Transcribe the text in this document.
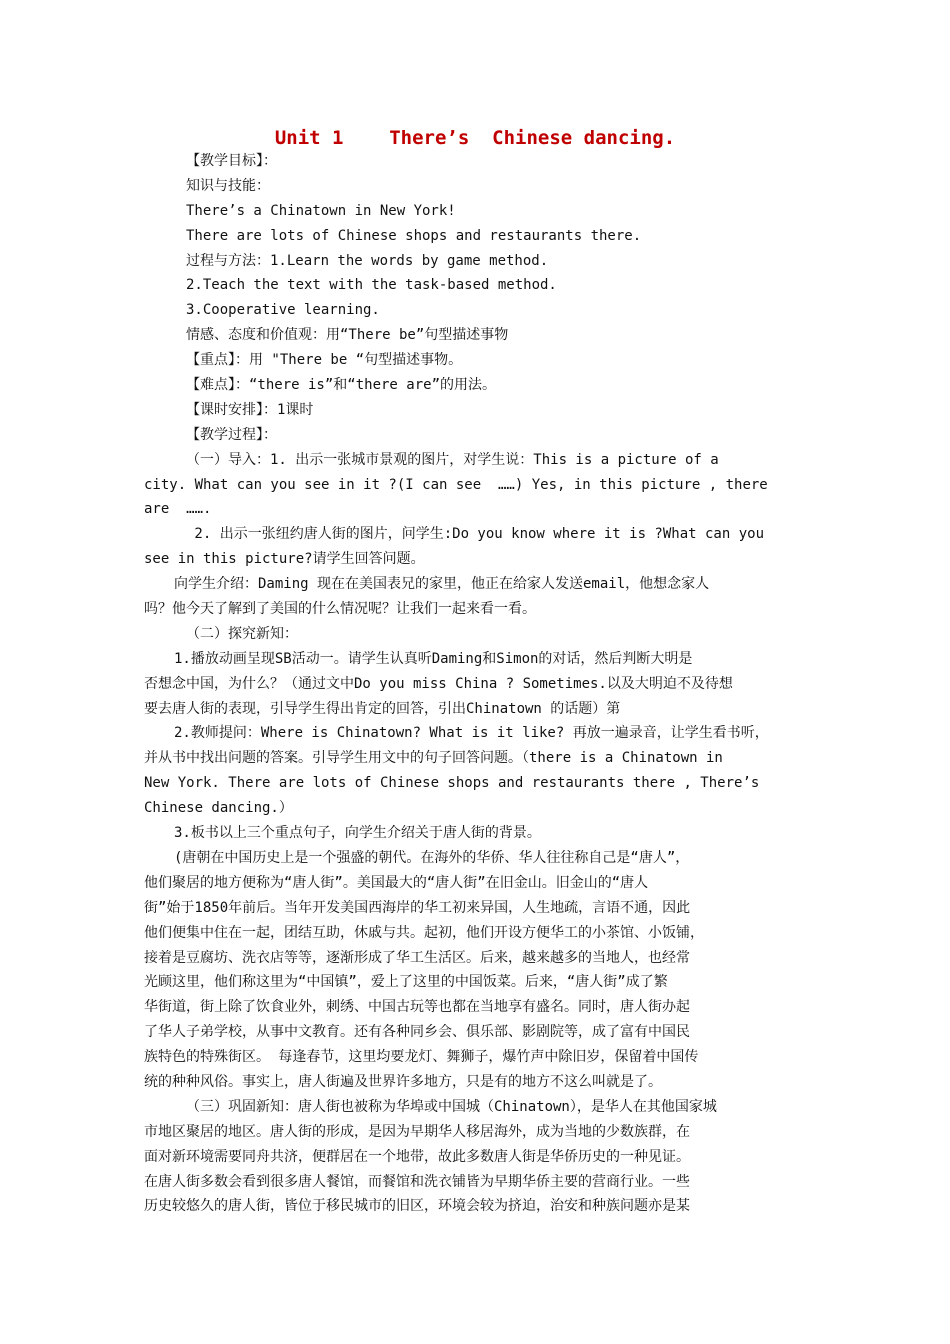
Unit 1    There’s  Chinese dancing.
【教学目标】：
知识与技能：
There’s a Chinatown in New York!
There are lots of Chinese shops and restaurants there.
过程与方法：1.Learn the words by game method.
2.Teach the text with the task-based method.
3.Cooperative learning.
情感、态度和价值观：用“There be”句型描述事物
【重点】：用 "There be “句型描述事物。
【难点】：“there is”和“there are”的用法。
【课时安排】：1课时
【教学过程】：
（一）导入：1. 出示一张城市景观的图片，对学生说：This is a picture of a
city. What can you see in it ?(I can see  ……) Yes, in this picture , there
are  …….
2. 出示一张纽约唐人街的图片，问学生:Do you know where it is ?What can you
see in this picture?请学生回答问题。
向学生介绍：Daming 现在在美国表兄的家里，他正在给家人发送email，他想念家人
吗？他今天了解到了美国的什么情况呢？让我们一起来看一看。
（二）探究新知：
1.播放动画呈现SB活动一。请学生认真听Daming和Simon的对话，然后判断大明是
否想念中国，为什么？（通过文中Do you miss China ? Sometimes.以及大明迫不及待想
要去唐人街的表现，引导学生得出肯定的回答，引出Chinatown 的话题）第
2.教师提问：Where is Chinatown? What is it like? 再放一遍录音，让学生看书听，
并从书中找出问题的答案。引导学生用文中的句子回答问题。（there is a Chinatown in
New York. There are lots of Chinese shops and restaurants there , There’s
Chinese dancing.）
3.板书以上三个重点句子，向学生介绍关于唐人街的背景。
(唐朝在中国历史上是一个强盛的朝代。在海外的华侨、华人往往称自己是“唐人”，
他们聚居的地方便称为“唐人街”。美国最大的“唐人街”在旧金山。旧金山的“唐人
街”始于1850年前后。当年开发美国西海岸的华工初来异国，人生地疏，言语不通，因此
他们便集中住在一起，团结互助，休戚与共。起初，他们开设方便华工的小茶馆、小饭铺，
接着是豆腐坊、洗衣店等等，逐渐形成了华工生活区。后来，越来越多的当地人，也经常
光顾这里，他们称这里为“中国镇”，爱上了这里的中国饭菜。后来，“唐人街”成了繁
华街道，街上除了饮食业外，刺绣、中国古玩等也都在当地享有盛名。同时，唐人街办起
了华人子弟学校，从事中文教育。还有各种同乡会、俱乐部、影剧院等，成了富有中国民
族特色的特殊街区。 每逢春节，这里均要龙灯、舞狮子，爆竹声中除旧岁，保留着中国传
统的种种风俗。事实上，唐人街遍及世界许多地方，只是有的地方不这么叫就是了。
（三）巩固新知：唐人街也被称为华埠或中国城（Chinatown），是华人在其他国家城
市地区聚居的地区。唐人街的形成，是因为早期华人移居海外，成为当地的少数族群，在
面对新环境需要同舟共济，便群居在一个地带，故此多数唐人街是华侨历史的一种见证。
在唐人街多数会看到很多唐人餐馆，而餐馆和洗衣铺皆为早期华侨主要的营商行业。一些
历史较悠久的唐人街，皆位于移民城市的旧区，环境会较为挤迫，治安和种族问题亦是某
